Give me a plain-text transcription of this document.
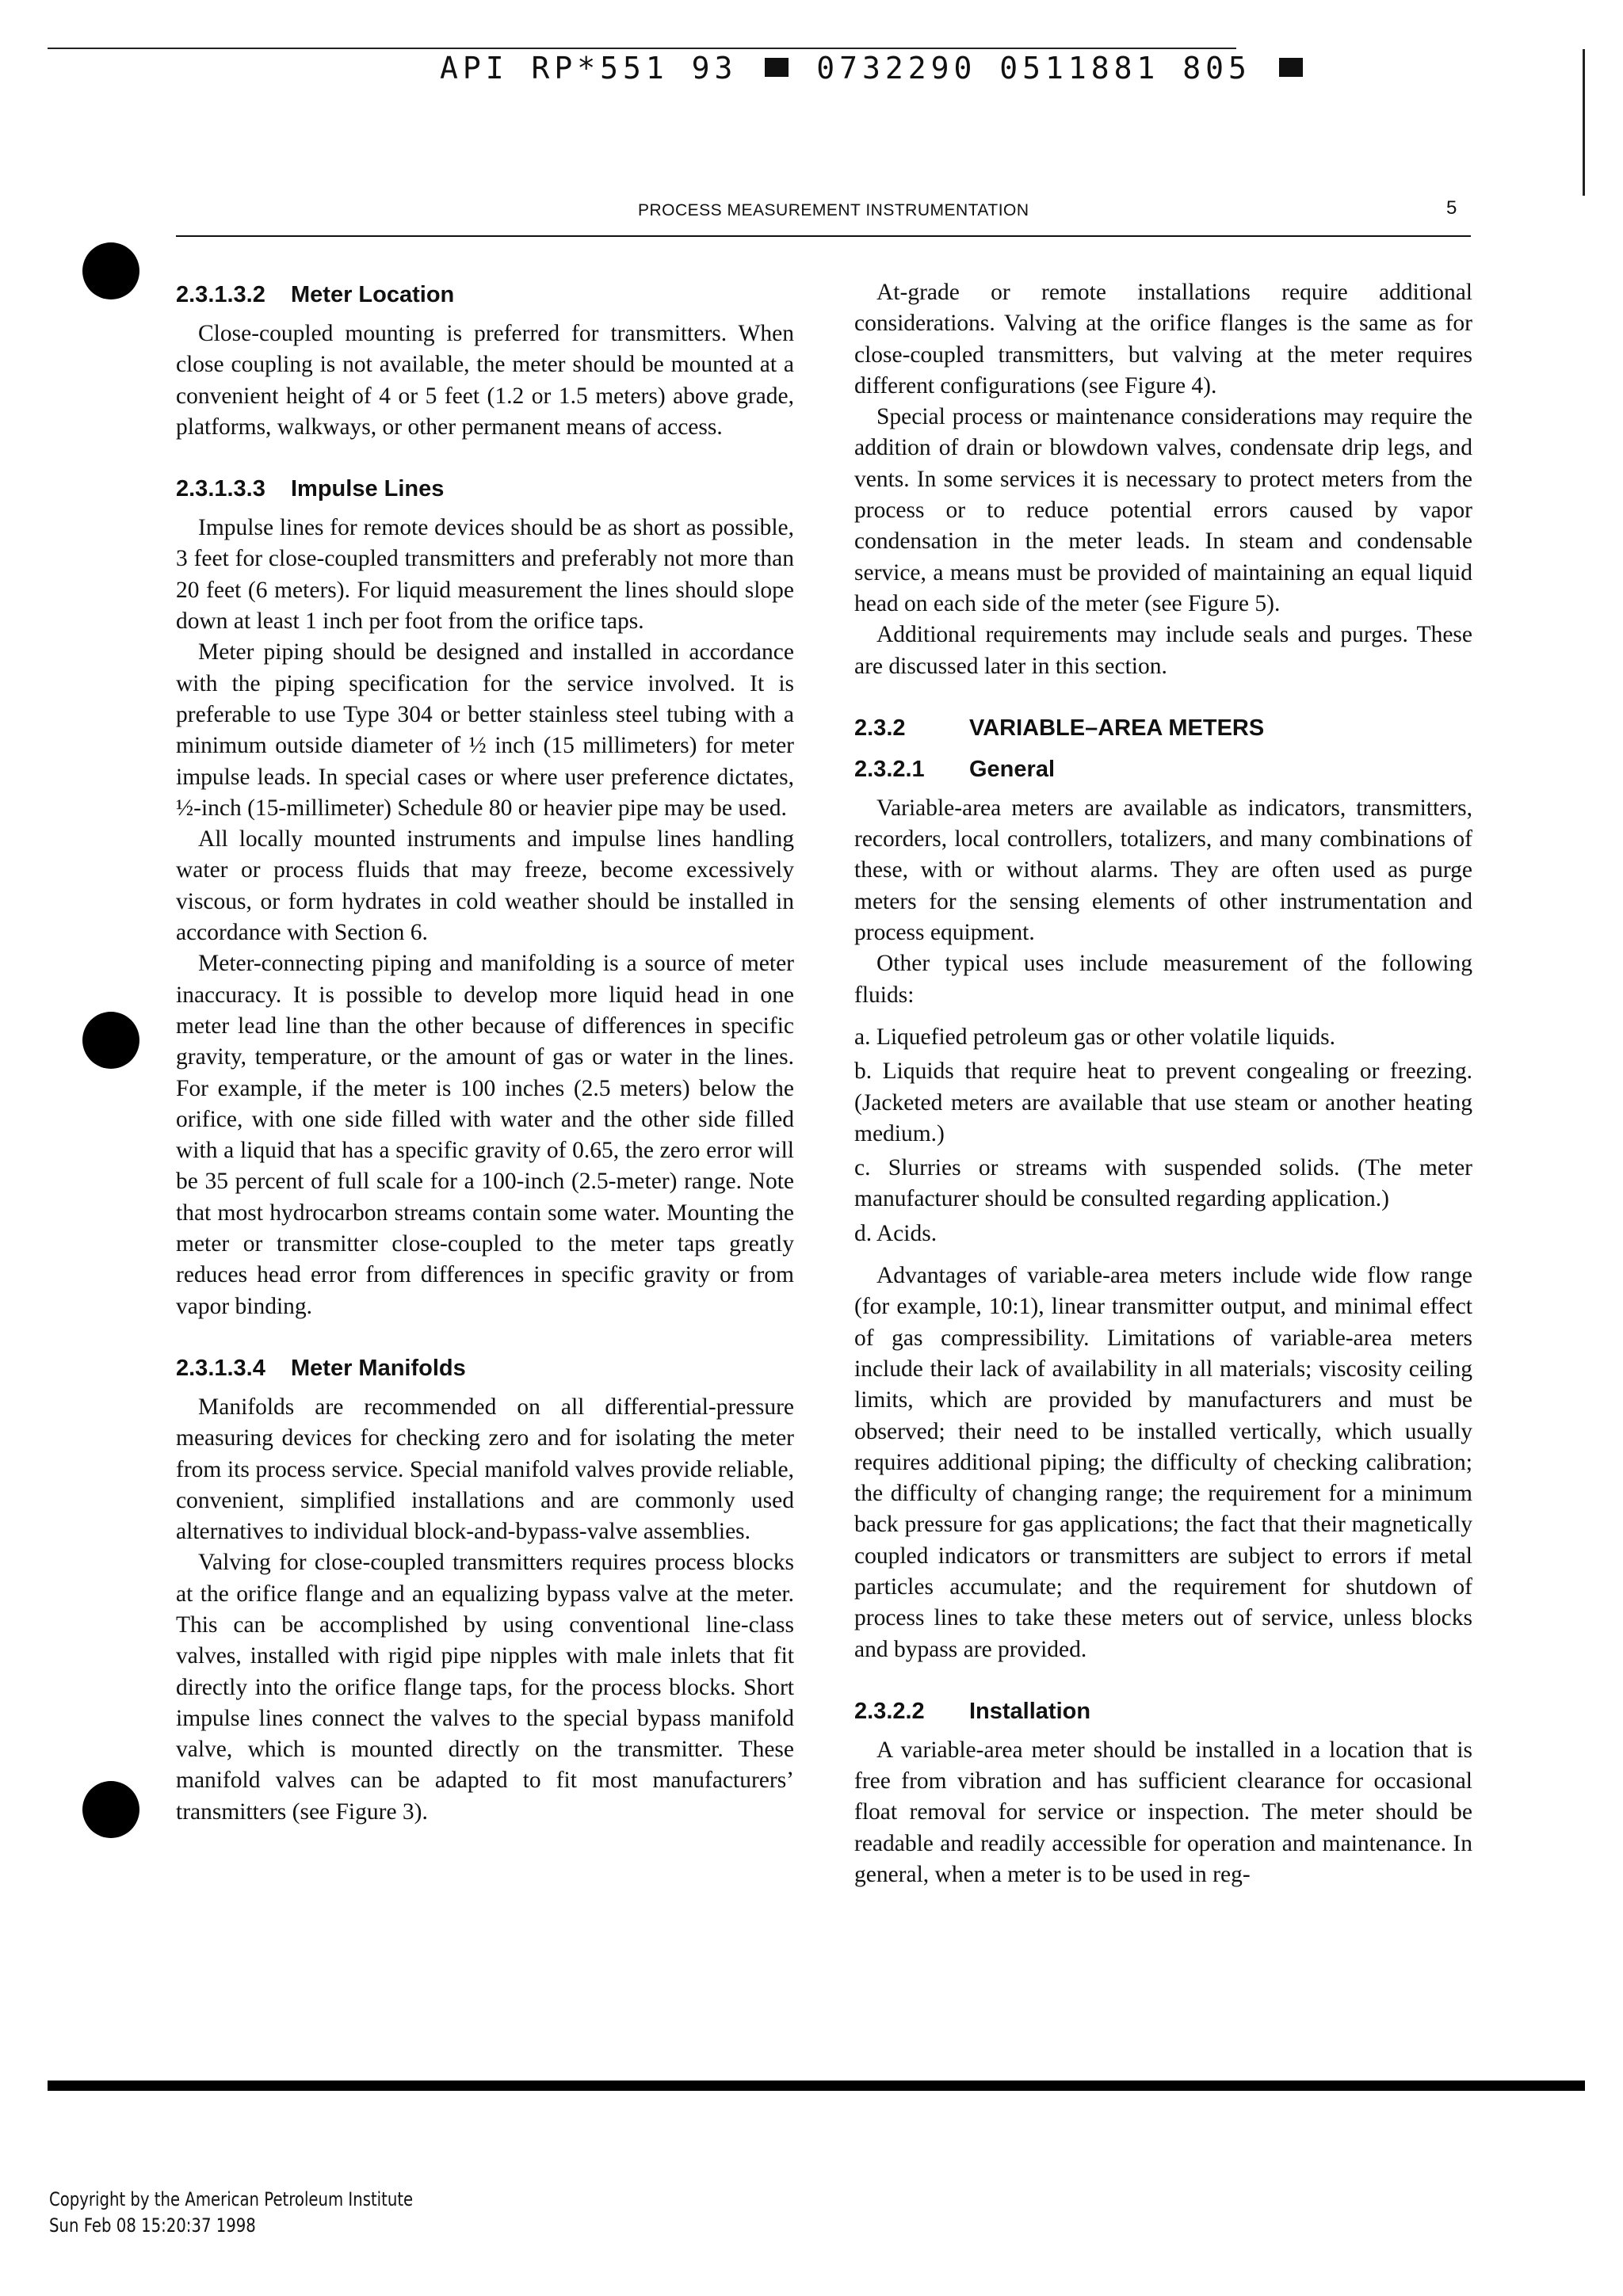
API RP*551 93	0732290 0511881 805
PROCESS MEASUREMENT INSTRUMENTATION	5
2.3.1.3.2 Meter Location

Close-coupled mounting is preferred for transmitters. When close coupling is not available, the meter should be mounted at a convenient height of 4 or 5 feet (1.2 or 1.5 meters) above grade, platforms, walkways, or other permanent means of access.

2.3.1.3.3 Impulse Lines

Impulse lines for remote devices should be as short as possible, 3 feet for close-coupled transmitters and preferably not more than 20 feet (6 meters). For liquid measurement the lines should slope down at least 1 inch per foot from the orifice taps.

Meter piping should be designed and installed in accordance with the piping specification for the service involved. It is preferable to use Type 304 or better stainless steel tubing with a minimum outside diameter of ½ inch (15 millimeters) for meter impulse leads. In special cases or where user preference dictates, ½-inch (15-millimeter) Schedule 80 or heavier pipe may be used.

All locally mounted instruments and impulse lines handling water or process fluids that may freeze, become excessively viscous, or form hydrates in cold weather should be installed in accordance with Section 6.

Meter-connecting piping and manifolding is a source of meter inaccuracy. It is possible to develop more liquid head in one meter lead line than the other because of differences in specific gravity, temperature, or the amount of gas or water in the lines. For example, if the meter is 100 inches (2.5 meters) below the orifice, with one side filled with water and the other side filled with a liquid that has a specific gravity of 0.65, the zero error will be 35 percent of full scale for a 100-inch (2.5-meter) range. Note that most hydrocarbon streams contain some water. Mounting the meter or transmitter close-coupled to the meter taps greatly reduces head error from differences in specific gravity or from vapor binding.

2.3.1.3.4 Meter Manifolds

Manifolds are recommended on all differential-pressure measuring devices for checking zero and for isolating the meter from its process service. Special manifold valves provide reliable, convenient, simplified installations and are commonly used alternatives to individual block-and-bypass-valve assemblies.

Valving for close-coupled transmitters requires process blocks at the orifice flange and an equalizing bypass valve at the meter. This can be accomplished by using conventional line-class valves, installed with rigid pipe nipples with male inlets that fit directly into the orifice flange taps, for the process blocks. Short impulse lines connect the valves to the special bypass manifold valve, which is mounted directly on the transmitter. These manifold valves can be adapted to fit most manufacturers’ transmitters (see Figure 3).

At-grade or remote installations require additional considerations. Valving at the orifice flanges is the same as for close-coupled transmitters, but valving at the meter requires different configurations (see Figure 4).

Special process or maintenance considerations may require the addition of drain or blowdown valves, condensate drip legs, and vents. In some services it is necessary to protect meters from the process or to reduce potential errors caused by vapor condensation in the meter leads. In steam and condensable service, a means must be provided of maintaining an equal liquid head on each side of the meter (see Figure 5).

Additional requirements may include seals and purges. These are discussed later in this section.

2.3.2	VARIABLE–AREA METERS
2.3.2.1 General

Variable-area meters are available as indicators, transmitters, recorders, local controllers, totalizers, and many combinations of these, with or without alarms. They are often used as purge meters for the sensing elements of other instrumentation and process equipment.

Other typical uses include measurement of the following fluids:

a. Liquefied petroleum gas or other volatile liquids.

b. Liquids that require heat to prevent congealing or freezing. (Jacketed meters are available that use steam or another heating medium.)

c. Slurries or streams with suspended solids. (The meter manufacturer should be consulted regarding application.)

d. Acids.

Advantages of variable-area meters include wide flow range (for example, 10:1), linear transmitter output, and minimal effect of gas compressibility. Limitations of variable-area meters include their lack of availability in all materials; viscosity ceiling limits, which are provided by manufacturers and must be observed; their need to be installed vertically, which usually requires additional piping; the difficulty of checking calibration; the difficulty of changing range; the requirement for a minimum back pressure for gas applications; the fact that their magnetically coupled indicators or transmitters are subject to errors if metal particles accumulate; and the requirement for shutdown of process lines to take these meters out of service, unless blocks and bypass are provided.

2.3.2.2 Installation

A variable-area meter should be installed in a location that is free from vibration and has sufficient clearance for occasional float removal for service or inspection. The meter should be readable and readily accessible for operation and maintenance. In general, when a meter is to be used in reg-

Copyright by the American Petroleum Institute
Sun Feb 08 15:20:37 1998
